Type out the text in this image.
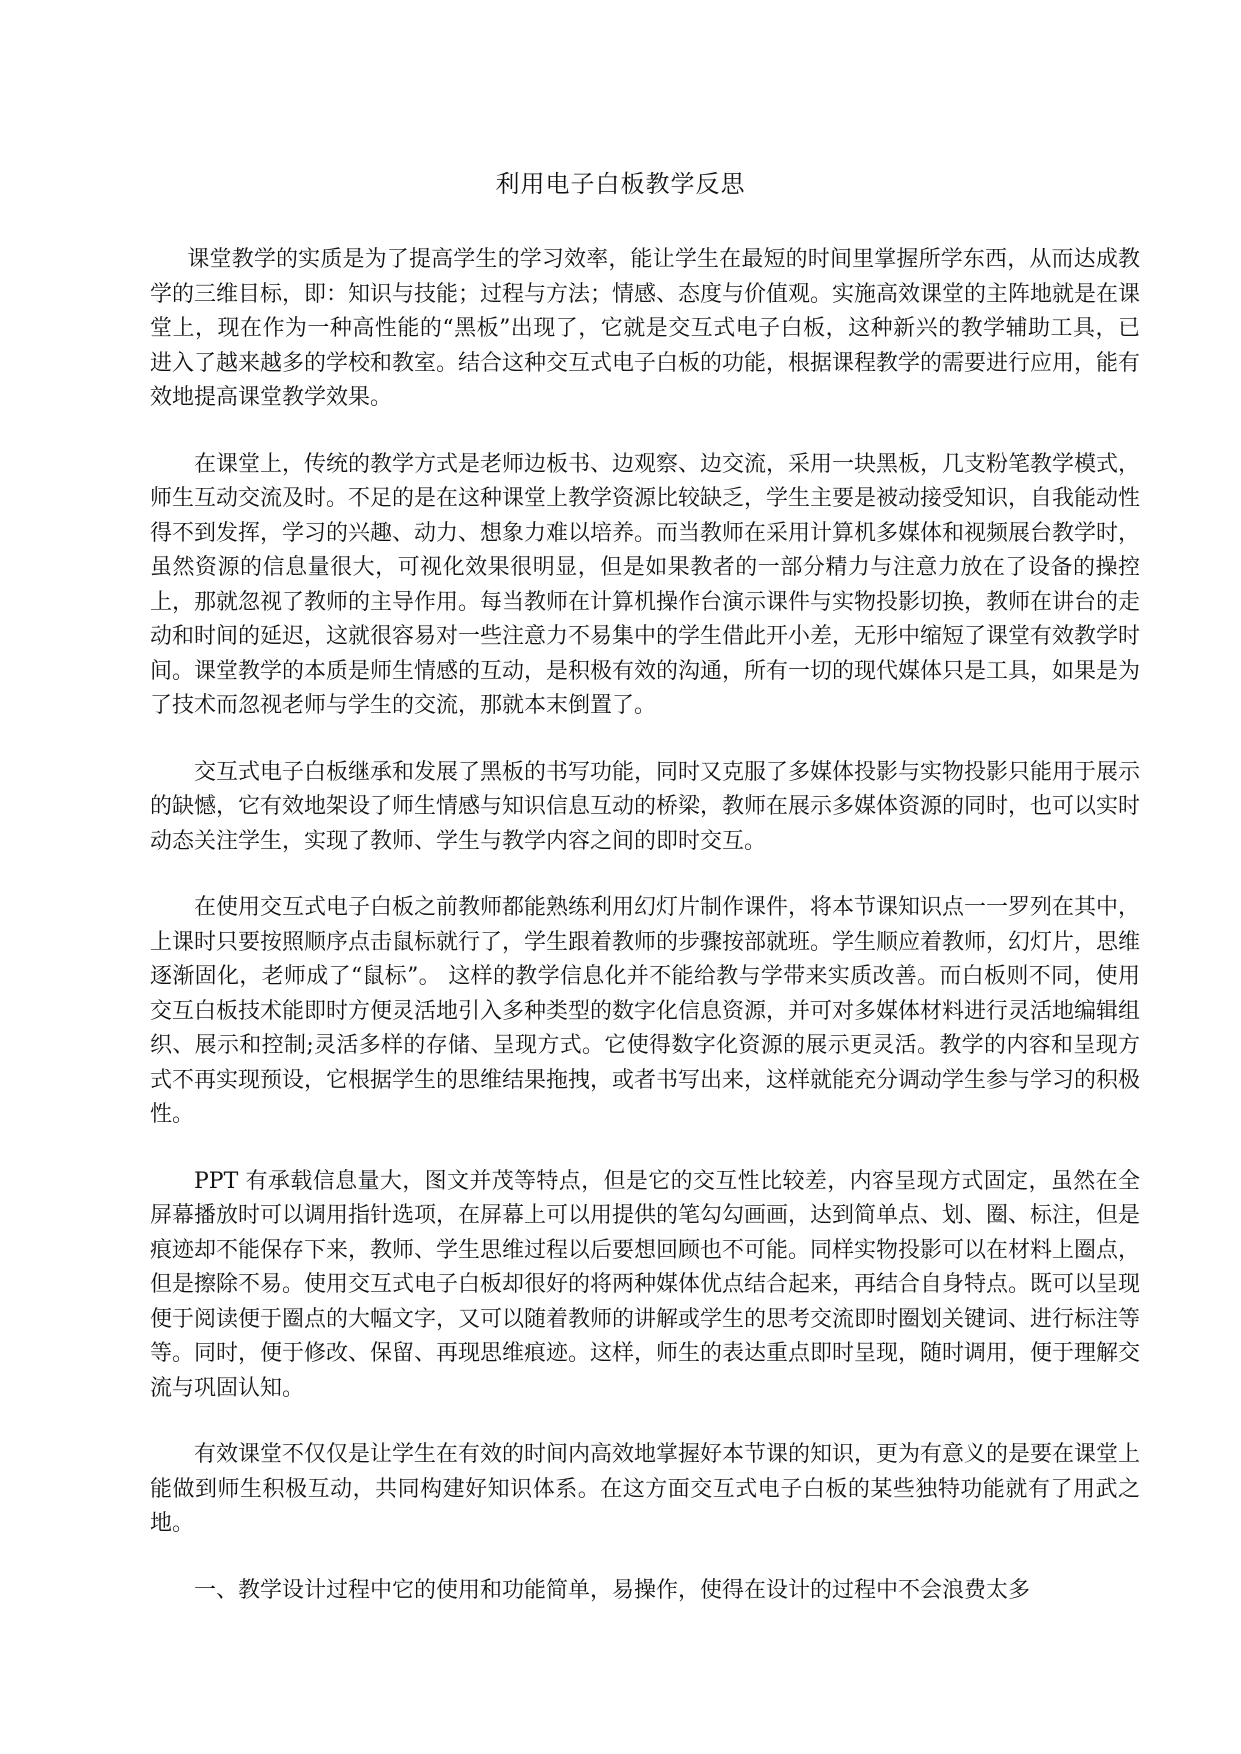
利用电子白板教学反思

课堂教学的实质是为了提高学生的学习效率，能让学生在最短的时间里掌握所学东西，从而达成教学的三维目标，即：知识与技能；过程与方法；情感、态度与价值观。实施高效课堂的主阵地就是在课堂上，现在作为一种高性能的“黑板”出现了，它就是交互式电子白板，这种新兴的教学辅助工具，已进入了越来越多的学校和教室。结合这种交互式电子白板的功能，根据课程教学的需要进行应用，能有效地提高课堂教学效果。

在课堂上，传统的教学方式是老师边板书、边观察、边交流，采用一块黑板，几支粉笔教学模式，师生互动交流及时。不足的是在这种课堂上教学资源比较缺乏，学生主要是被动接受知识，自我能动性得不到发挥，学习的兴趣、动力、想象力难以培养。而当教师在采用计算机多媒体和视频展台教学时，虽然资源的信息量很大，可视化效果很明显，但是如果教者的一部分精力与注意力放在了设备的操控上，那就忽视了教师的主导作用。每当教师在计算机操作台演示课件与实物投影切换，教师在讲台的走动和时间的延迟，这就很容易对一些注意力不易集中的学生借此开小差，无形中缩短了课堂有效教学时间。课堂教学的本质是师生情感的互动，是积极有效的沟通，所有一切的现代媒体只是工具，如果是为了技术而忽视老师与学生的交流，那就本末倒置了。

交互式电子白板继承和发展了黑板的书写功能，同时又克服了多媒体投影与实物投影只能用于展示的缺憾，它有效地架设了师生情感与知识信息互动的桥梁，教师在展示多媒体资源的同时，也可以实时动态关注学生，实现了教师、学生与教学内容之间的即时交互。

在使用交互式电子白板之前教师都能熟练利用幻灯片制作课件，将本节课知识点一一罗列在其中，上课时只要按照顺序点击鼠标就行了，学生跟着教师的步骤按部就班。学生顺应着教师，幻灯片，思维逐渐固化，老师成了“鼠标”。 这样的教学信息化并不能给教与学带来实质改善。而白板则不同，使用交互白板技术能即时方便灵活地引入多种类型的数字化信息资源，并可对多媒体材料进行灵活地编辑组织、展示和控制;灵活多样的存储、呈现方式。它使得数字化资源的展示更灵活。教学的内容和呈现方式不再实现预设，它根据学生的思维结果拖拽，或者书写出来，这样就能充分调动学生参与学习的积极性。

PPT 有承载信息量大，图文并茂等特点，但是它的交互性比较差，内容呈现方式固定，虽然在全屏幕播放时可以调用指针选项，在屏幕上可以用提供的笔勾勾画画，达到简单点、划、圈、标注，但是痕迹却不能保存下来，教师、学生思维过程以后要想回顾也不可能。同样实物投影可以在材料上圈点，但是擦除不易。使用交互式电子白板却很好的将两种媒体优点结合起来，再结合自身特点。既可以呈现便于阅读便于圈点的大幅文字，又可以随着教师的讲解或学生的思考交流即时圈划关键词、进行标注等等。同时，便于修改、保留、再现思维痕迹。这样，师生的表达重点即时呈现，随时调用，便于理解交流与巩固认知。

有效课堂不仅仅是让学生在有效的时间内高效地掌握好本节课的知识，更为有意义的是要在课堂上能做到师生积极互动，共同构建好知识体系。在这方面交互式电子白板的某些独特功能就有了用武之地。

一、教学设计过程中它的使用和功能简单，易操作，使得在设计的过程中不会浪费太多
